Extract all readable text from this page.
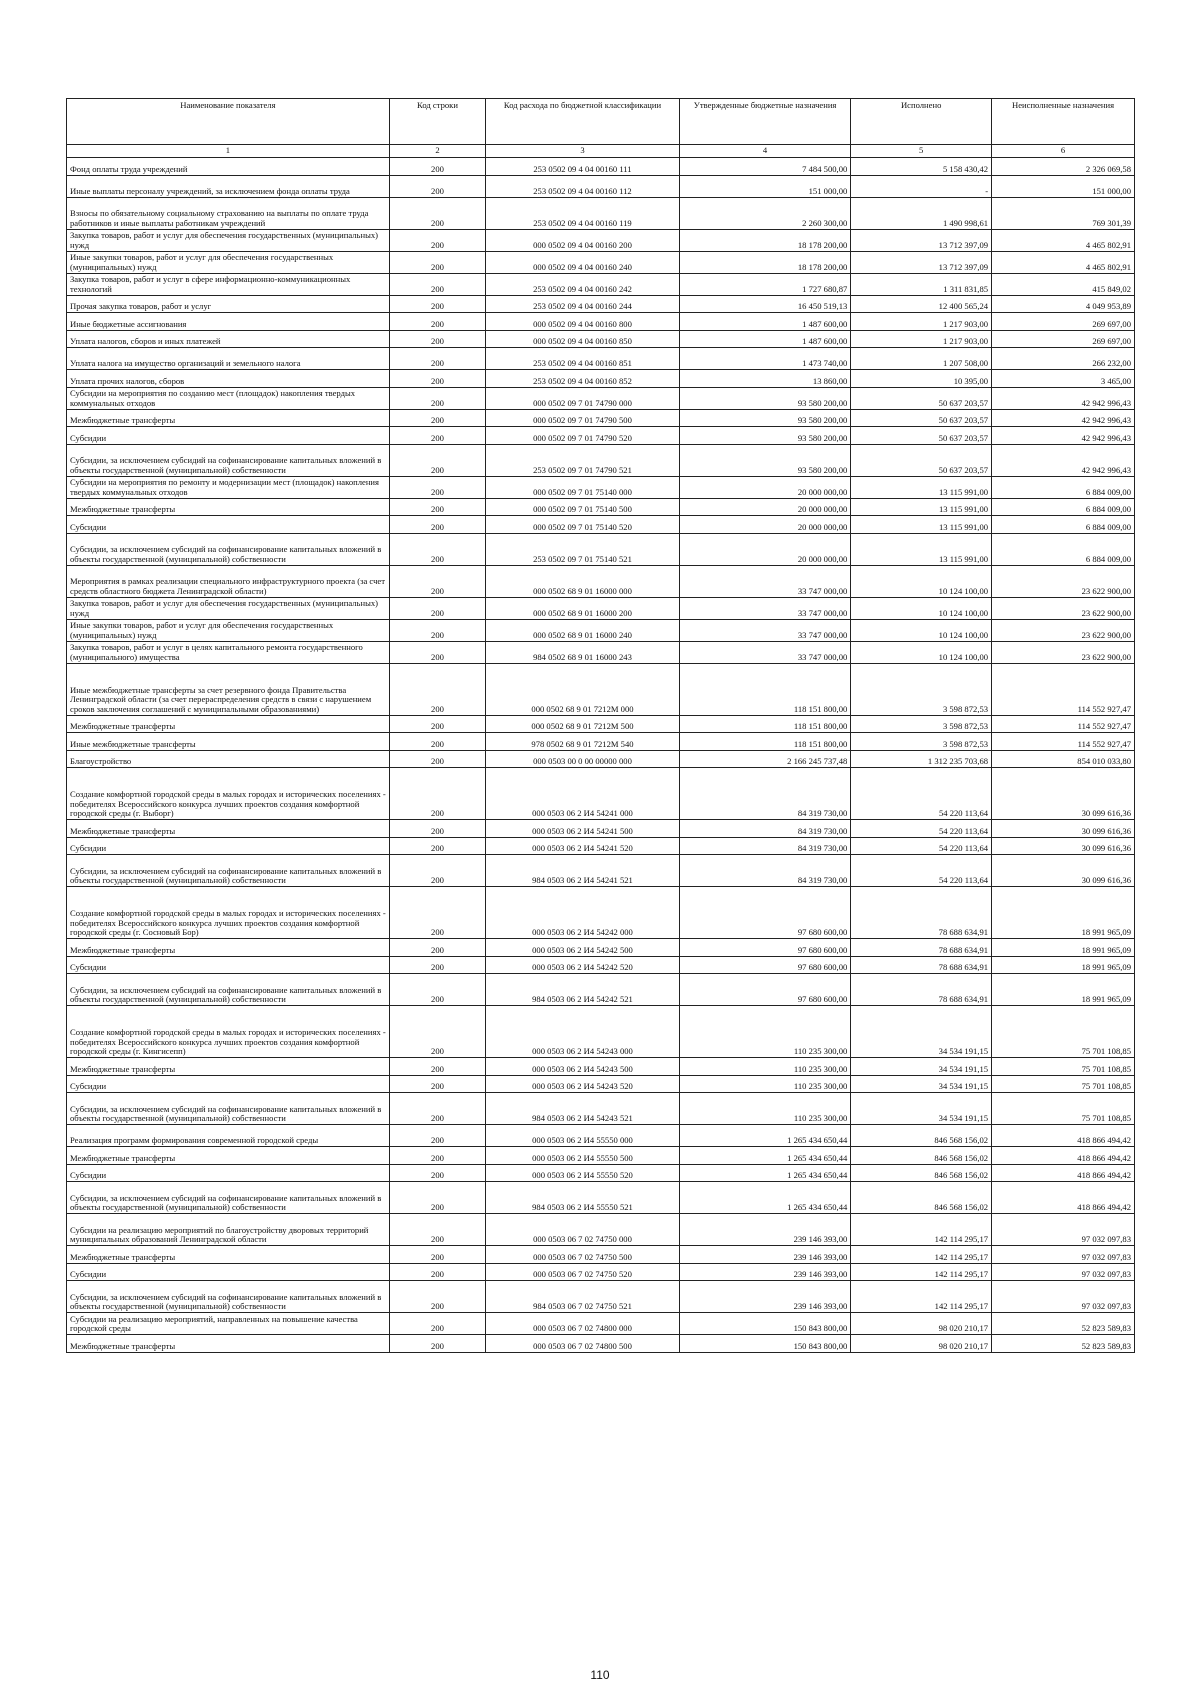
Наименование показателя	Код строки	Код расхода по бюджетной классификации	Утвержденные бюджетные назначения	Исполнено	Неисполненные назначения
1	2	3	4	5	6
Фонд оплаты труда учреждений	200	253 0502 09 4 04 00160 111	7 484 500,00	5 158 430,42	2 326 069,58
Иные выплаты персоналу учреждений, за исключением фонда оплаты труда	200	253 0502 09 4 04 00160 112	151 000,00	-	151 000,00
Взносы по обязательному социальному страхованию на выплаты по оплате труда работников и иные выплаты работникам учреждений	200	253 0502 09 4 04 00160 119	2 260 300,00	1 490 998,61	769 301,39
Закупка товаров, работ и услуг для обеспечения государственных (муниципальных) нужд	200	000 0502 09 4 04 00160 200	18 178 200,00	13 712 397,09	4 465 802,91
Иные закупки товаров, работ и услуг для обеспечения государственных (муниципальных) нужд	200	000 0502 09 4 04 00160 240	18 178 200,00	13 712 397,09	4 465 802,91
Закупка товаров, работ и услуг в сфере информационно-коммуникационных технологий	200	253 0502 09 4 04 00160 242	1 727 680,87	1 311 831,85	415 849,02
Прочая закупка товаров, работ и услуг	200	253 0502 09 4 04 00160 244	16 450 519,13	12 400 565,24	4 049 953,89
Иные бюджетные ассигнования	200	000 0502 09 4 04 00160 800	1 487 600,00	1 217 903,00	269 697,00
Уплата налогов, сборов и иных платежей	200	000 0502 09 4 04 00160 850	1 487 600,00	1 217 903,00	269 697,00
Уплата налога на имущество организаций и земельного налога	200	253 0502 09 4 04 00160 851	1 473 740,00	1 207 508,00	266 232,00
Уплата прочих налогов, сборов	200	253 0502 09 4 04 00160 852	13 860,00	10 395,00	3 465,00
Субсидии на мероприятия по созданию мест (площадок) накопления твердых коммунальных отходов	200	000 0502 09 7 01 74790 000	93 580 200,00	50 637 203,57	42 942 996,43
Межбюджетные трансферты	200	000 0502 09 7 01 74790 500	93 580 200,00	50 637 203,57	42 942 996,43
Субсидии	200	000 0502 09 7 01 74790 520	93 580 200,00	50 637 203,57	42 942 996,43
Субсидии, за исключением субсидий на софинансирование капитальных вложений в объекты государственной (муниципальной) собственности	200	253 0502 09 7 01 74790 521	93 580 200,00	50 637 203,57	42 942 996,43
Субсидии на мероприятия по ремонту и модернизации мест (площадок) накопления твердых коммунальных отходов	200	000 0502 09 7 01 75140 000	20 000 000,00	13 115 991,00	6 884 009,00
Межбюджетные трансферты	200	000 0502 09 7 01 75140 500	20 000 000,00	13 115 991,00	6 884 009,00
Субсидии	200	000 0502 09 7 01 75140 520	20 000 000,00	13 115 991,00	6 884 009,00
Субсидии, за исключением субсидий на софинансирование капитальных вложений в объекты государственной (муниципальной) собственности	200	253 0502 09 7 01 75140 521	20 000 000,00	13 115 991,00	6 884 009,00
Мероприятия в рамках реализации специального инфраструктурного проекта (за счет средств областного бюджета Ленинградской области)	200	000 0502 68 9 01 16000 000	33 747 000,00	10 124 100,00	23 622 900,00
Закупка товаров, работ и услуг для обеспечения государственных (муниципальных) нужд	200	000 0502 68 9 01 16000 200	33 747 000,00	10 124 100,00	23 622 900,00
Иные закупки товаров, работ и услуг для обеспечения государственных (муниципальных) нужд	200	000 0502 68 9 01 16000 240	33 747 000,00	10 124 100,00	23 622 900,00
Закупка товаров, работ и услуг в целях капитального ремонта государственного (муниципального) имущества	200	984 0502 68 9 01 16000 243	33 747 000,00	10 124 100,00	23 622 900,00
Иные межбюджетные трансферты за счет резервного фонда Правительства Ленинградской области (за счет перераспределения средств в связи с нарушением сроков заключения соглашений с муниципальными образованиями)	200	000 0502 68 9 01 7212М 000	118 151 800,00	3 598 872,53	114 552 927,47
Межбюджетные трансферты	200	000 0502 68 9 01 7212М 500	118 151 800,00	3 598 872,53	114 552 927,47
Иные межбюджетные трансферты	200	978 0502 68 9 01 7212М 540	118 151 800,00	3 598 872,53	114 552 927,47
Благоустройство	200	000 0503 00 0 00 00000 000	2 166 245 737,48	1 312 235 703,68	854 010 033,80
Создание комфортной городской среды в малых городах и исторических поселениях - победителях Всероссийского конкурса лучших проектов создания комфортной городской среды (г. Выборг)	200	000 0503 06 2 И4 54241 000	84 319 730,00	54 220 113,64	30 099 616,36
Межбюджетные трансферты	200	000 0503 06 2 И4 54241 500	84 319 730,00	54 220 113,64	30 099 616,36
Субсидии	200	000 0503 06 2 И4 54241 520	84 319 730,00	54 220 113,64	30 099 616,36
Субсидии, за исключением субсидий на софинансирование капитальных вложений в объекты государственной (муниципальной) собственности	200	984 0503 06 2 И4 54241 521	84 319 730,00	54 220 113,64	30 099 616,36
Создание комфортной городской среды в малых городах и исторических поселениях - победителях Всероссийского конкурса лучших проектов создания комфортной городской среды (г. Сосновый Бор)	200	000 0503 06 2 И4 54242 000	97 680 600,00	78 688 634,91	18 991 965,09
Межбюджетные трансферты	200	000 0503 06 2 И4 54242 500	97 680 600,00	78 688 634,91	18 991 965,09
Субсидии	200	000 0503 06 2 И4 54242 520	97 680 600,00	78 688 634,91	18 991 965,09
Субсидии, за исключением субсидий на софинансирование капитальных вложений в объекты государственной (муниципальной) собственности	200	984 0503 06 2 И4 54242 521	97 680 600,00	78 688 634,91	18 991 965,09
Создание комфортной городской среды в малых городах и исторических поселениях - победителях Всероссийского конкурса лучших проектов создания комфортной городской среды (г. Кингисепп)	200	000 0503 06 2 И4 54243 000	110 235 300,00	34 534 191,15	75 701 108,85
Межбюджетные трансферты	200	000 0503 06 2 И4 54243 500	110 235 300,00	34 534 191,15	75 701 108,85
Субсидии	200	000 0503 06 2 И4 54243 520	110 235 300,00	34 534 191,15	75 701 108,85
Субсидии, за исключением субсидий на софинансирование капитальных вложений в объекты государственной (муниципальной) собственности	200	984 0503 06 2 И4 54243 521	110 235 300,00	34 534 191,15	75 701 108,85
Реализация программ формирования современной городской среды	200	000 0503 06 2 И4 55550 000	1 265 434 650,44	846 568 156,02	418 866 494,42
Межбюджетные трансферты	200	000 0503 06 2 И4 55550 500	1 265 434 650,44	846 568 156,02	418 866 494,42
Субсидии	200	000 0503 06 2 И4 55550 520	1 265 434 650,44	846 568 156,02	418 866 494,42
Субсидии, за исключением субсидий на софинансирование капитальных вложений в объекты государственной (муниципальной) собственности	200	984 0503 06 2 И4 55550 521	1 265 434 650,44	846 568 156,02	418 866 494,42
Субсидии на реализацию мероприятий по благоустройству дворовых территорий муниципальных образований Ленинградской области	200	000 0503 06 7 02 74750 000	239 146 393,00	142 114 295,17	97 032 097,83
Межбюджетные трансферты	200	000 0503 06 7 02 74750 500	239 146 393,00	142 114 295,17	97 032 097,83
Субсидии	200	000 0503 06 7 02 74750 520	239 146 393,00	142 114 295,17	97 032 097,83
Субсидии, за исключением субсидий на софинансирование капитальных вложений в объекты государственной (муниципальной) собственности	200	984 0503 06 7 02 74750 521	239 146 393,00	142 114 295,17	97 032 097,83
Субсидии на реализацию мероприятий, направленных на повышение качества городской среды	200	000 0503 06 7 02 74800 000	150 843 800,00	98 020 210,17	52 823 589,83
Межбюджетные трансферты	200	000 0503 06 7 02 74800 500	150 843 800,00	98 020 210,17	52 823 589,83
110
